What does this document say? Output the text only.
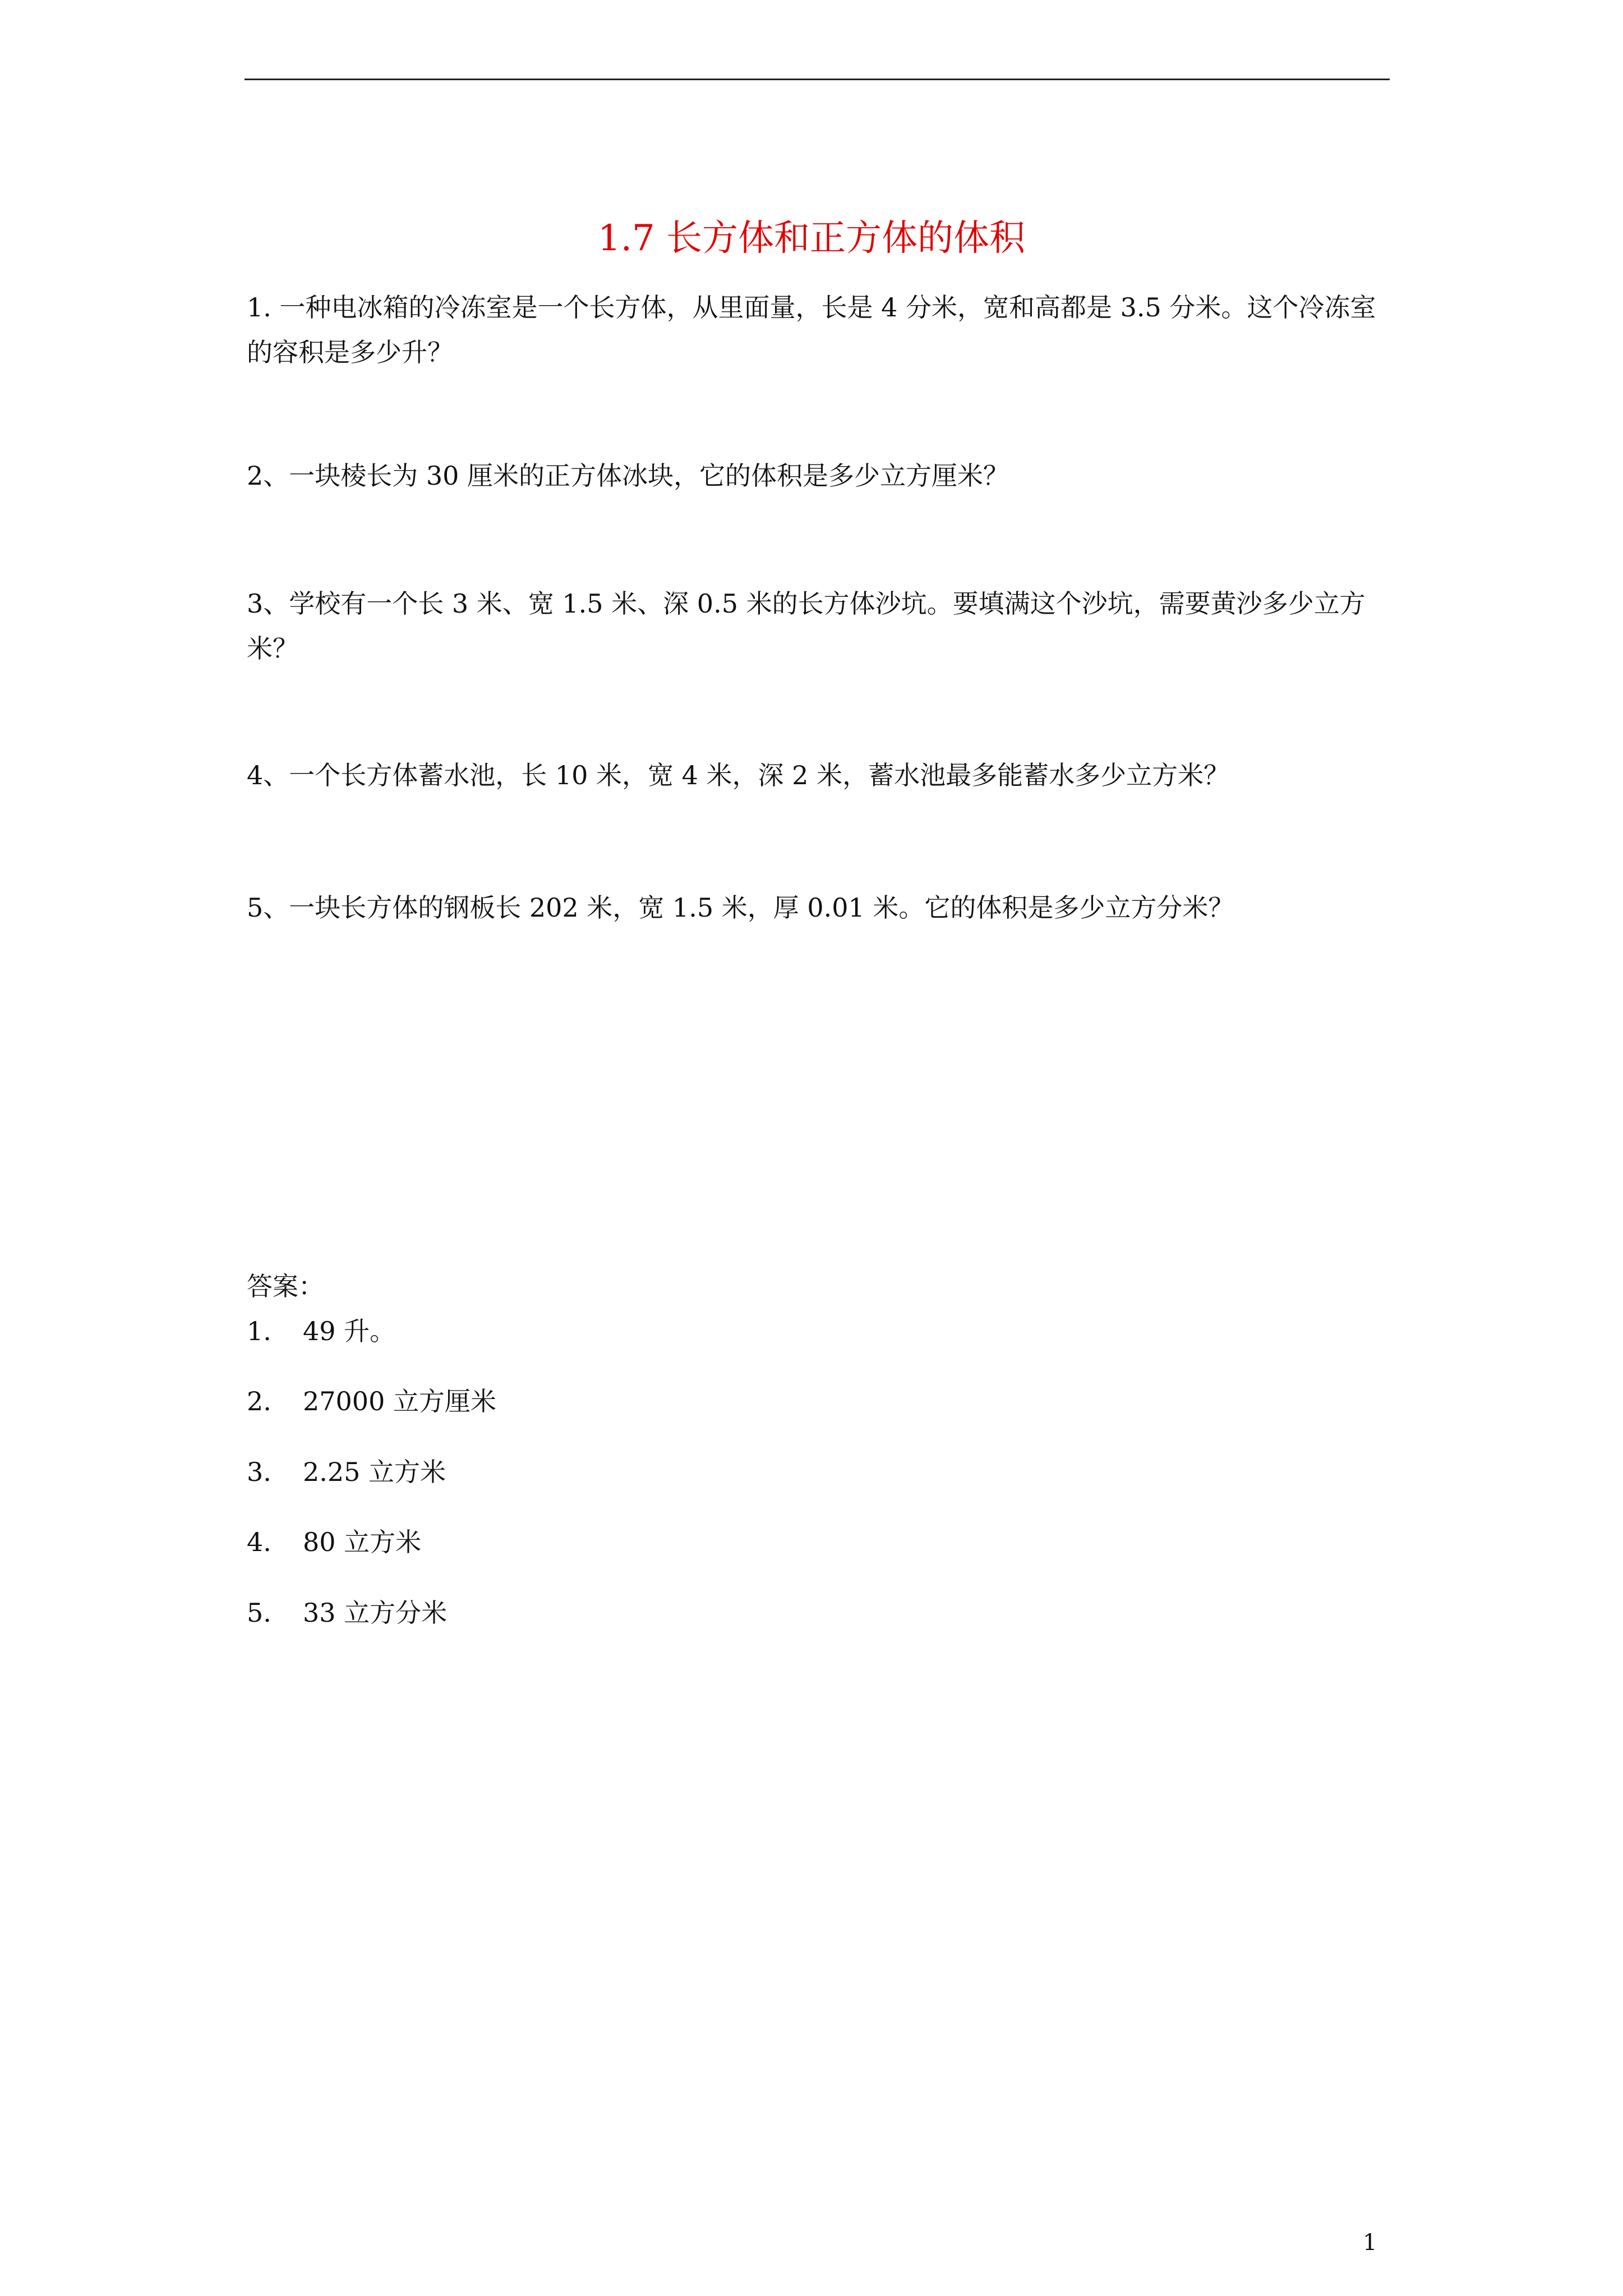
1.7 长方体和正方体的体积

1. 一种电冰箱的冷冻室是一个长方体，从里面量，长是 4 分米，宽和高都是 3.5 分米。这个冷冻室的容积是多少升？

2、一块棱长为 30 厘米的正方体冰块，它的体积是多少立方厘米？

3、学校有一个长 3 米、宽 1.5 米、深 0.5 米的长方体沙坑。要填满这个沙坑，需要黄沙多少立方米？

4、一个长方体蓄水池，长 10 米，宽 4 米，深 2 米，蓄水池最多能蓄水多少立方米？

5、一块长方体的钢板长 202 米，宽 1.5 米，厚 0.01 米。它的体积是多少立方分米？

答案：
1. 49 升。
2. 27000 立方厘米
3. 2.25 立方米
4. 80 立方米
5. 33 立方分米
1
